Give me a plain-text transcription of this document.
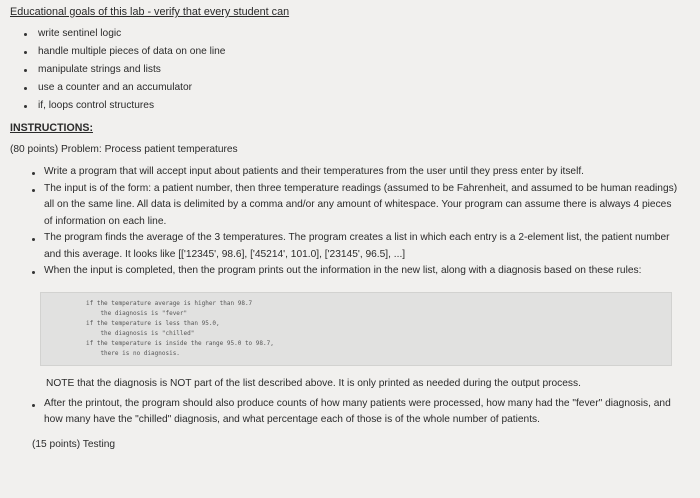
Educational goals of this lab - verify that every student can
write sentinel logic
handle multiple pieces of data on one line
manipulate strings and lists
use a counter and an accumulator
if, loops control structures
INSTRUCTIONS:
(80 points) Problem: Process patient temperatures

Write a program that will accept input about patients and their temperatures from the user until they press enter by itself.

The input is of the form: a patient number, then three temperature readings (assumed to be Fahrenheit, and assumed to be human readings) all on the same line. All data is delimited by a comma and/or any amount of whitespace. Your program can assume there is always 4 pieces of information on each line.

The program finds the average of the 3 temperatures. The program creates a list in which each entry is a 2-element list, the patient number and this average. It looks like [['12345', 98.6], ['45214', 101.0], ['23145', 96.5], ...]

When the input is completed, then the program prints out the information in the new list, along with a diagnosis based on these rules:

if the temperature average is higher than 98.7
the diagnosis is "fever"
if the temperature is less than 95.0,
the diagnosis is "chilled"
if the temperature is inside the range 95.0 to 98.7,
there is no diagnosis.
NOTE that the diagnosis is NOT part of the list described above. It is only printed as needed during the output process.

After the printout, the program should also produce counts of how many patients were processed, how many had the "fever" diagnosis, and how many have the "chilled" diagnosis, and what percentage each of those is of the whole number of patients.

(15 points) Testing
